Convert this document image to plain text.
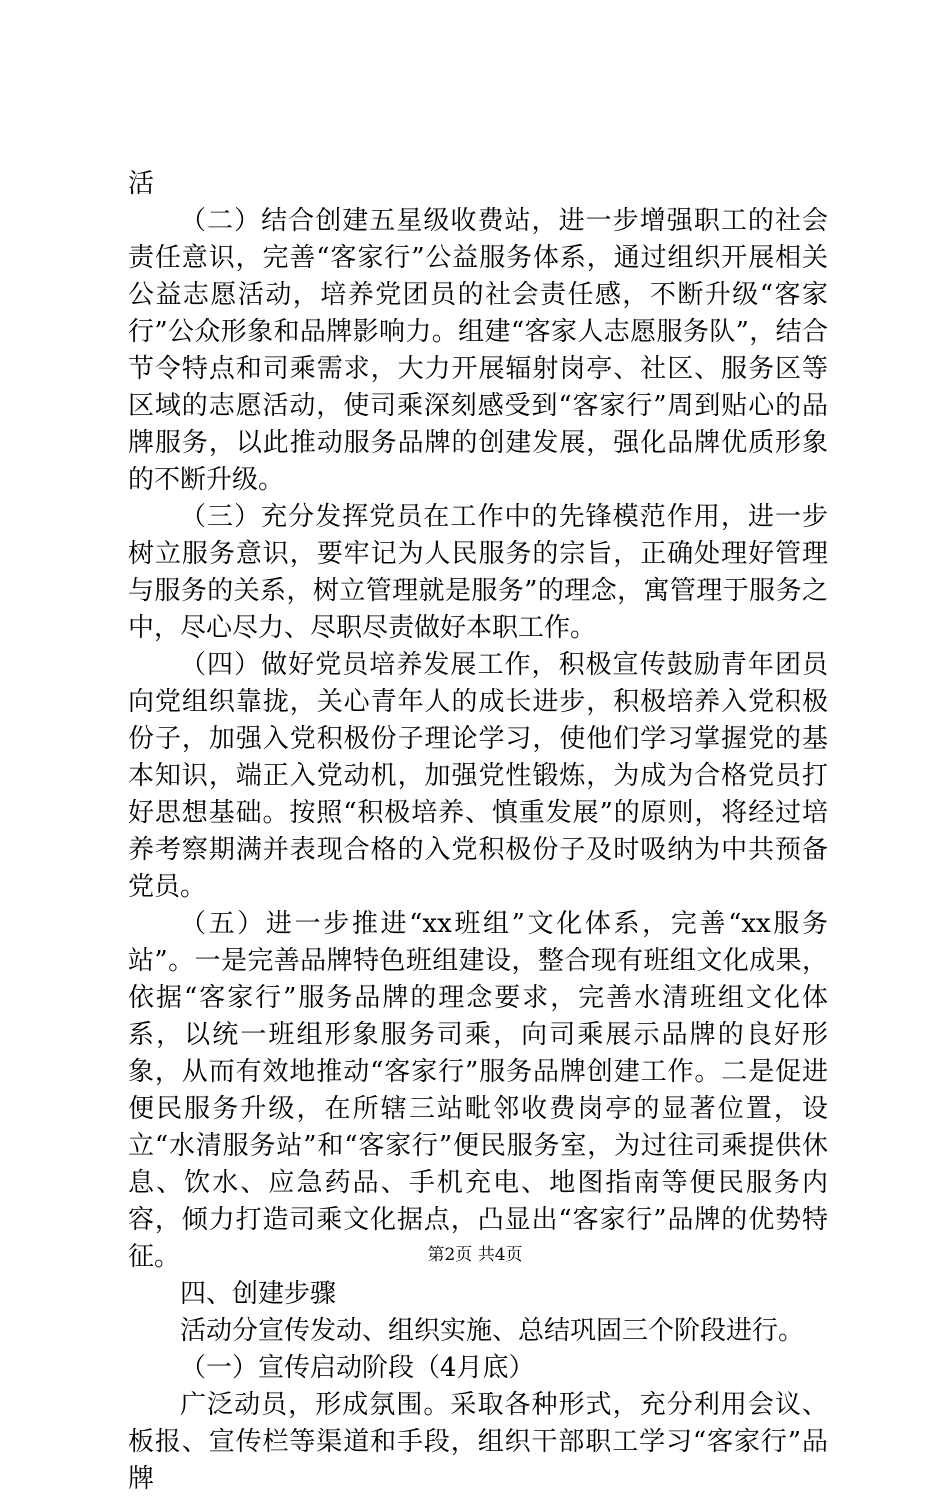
活

（二）结合创建五星级收费站，进一步增强职工的社会责任意识，完善“客家行”公益服务体系，通过组织开展相关公益志愿活动，培养党团员的社会责任感，不断升级“客家行”公众形象和品牌影响力。组建“客家人志愿服务队”，结合节令特点和司乘需求，大力开展辐射岗亭、社区、服务区等区域的志愿活动，使司乘深刻感受到“客家行”周到贴心的品牌服务，以此推动服务品牌的创建发展，强化品牌优质形象的不断升级。

（三）充分发挥党员在工作中的先锋模范作用，进一步树立服务意识，要牢记为人民服务的宗旨，正确处理好管理与服务的关系，树立管理就是服务”的理念，寓管理于服务之中，尽心尽力、尽职尽责做好本职工作。

（四）做好党员培养发展工作，积极宣传鼓励青年团员向党组织靠拢，关心青年人的成长进步，积极培养入党积极份子，加强入党积极份子理论学习，使他们学习掌握党的基本知识，端正入党动机，加强党性锻炼，为成为合格党员打好思想基础。按照“积极培养、慎重发展”的原则，将经过培养考察期满并表现合格的入党积极份子及时吸纳为中共预备党员。

（五）进一步推进“xx班组”文化体系，完善“xx服务站”。一是完善品牌特色班组建设，整合现有班组文化成果，依据“客家行”服务品牌的理念要求，完善水清班组文化体系，以统一班组形象服务司乘，向司乘展示品牌的良好形象，从而有效地推动“客家行”服务品牌创建工作。二是促进便民服务升级，在所辖三站毗邻收费岗亭的显著位置，设立“水清服务站”和“客家行”便民服务室，为过往司乘提供休息、饮水、应急药品、手机充电、地图指南等便民服务内容，倾力打造司乘文化据点，凸显出“客家行”品牌的优势特征。

四、创建步骤

活动分宣传发动、组织实施、总结巩固三个阶段进行。

（一）宣传启动阶段（4月底）

广泛动员，形成氛围。采取各种形式，充分利用会议、板报、宣传栏等渠道和手段，组织干部职工学习“客家行”品牌

第2页 共4页
